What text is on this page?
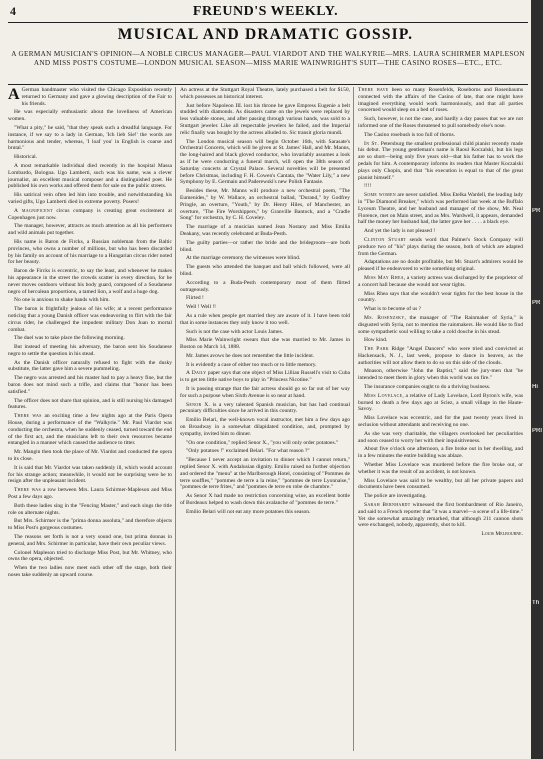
4	FREUND'S WEEKLY.
MUSICAL AND DRAMATIC GOSSIP.
A GERMAN MUSICIAN'S OPINION—A NOBLE CIRCUS MANAGER—PAUL VIARDOT AND THE WALKYRIE—MRS. LAURA SCHIRMER MAPLESON AND MISS POST'S COSTUME—LONDON MUSICAL SEASON—MISS MARIE WAINWRIGHT'S SUIT—THE CASINO ROSES—ETC., ETC.

A German bandmaster who visited the Chicago Exposition recently returned to Germany and gave a glowing description of the Fair to his friends.

He was especially enthusiastic about the loveliness of American women.

"What a pity," he said, "that they speak such a dreadful language. For instance, if we say to a lady in German, 'Ich lieb Sie!' the words are harmonious and tender, whereas, 'I loaf you' in English is coarse and brutal."

Historical.

A most remarkable individual died recently in the hospital Massa Lombardo, Bologna. Ugo Lamberti, such was his name, was a clever journalist, an excellent musical composer and a distinguished poet. He published his own works and offered them for sale on the public streets.

His satirical vein often led him into trouble, and notwithstanding his varied gifts, Ugo Lamberti died in extreme poverty. Posers!

A magnificent circus company is creating great excitement at Copenhagen just now.

The manager, however, attracts as much attention as all his performers and wild animals put together.

His name is Baron de Fircks, a Russian nobleman from the Baltic provinces, who owns a number of millions, but who has been discarded by his family on account of his marriage to a Hungarian circus rider noted for her beauty.

Baron de Fircks is eccentric, to say the least, and whenever he makes his appearance in the street the crowds scatter in every direction, for he never moves outdoors without his body guard, composed of a Soudanese negro of herculean proportions, a tamed lion, a wolf and a huge dog.

No one is anxious to shake hands with him.

The baron is frightfully jealous of his wife; at a recent performance noticing that a young Danish officer was endeavoring to flirt with the fair circus rider, he challenged the impudent military Don Juan to mortal combat.

The duel was to take place the following morning.

But instead of meeting his adversary, the baron sent his Soudanese negro to settle the question in his stead.

As the Danish officer naturally refused to fight with the dusky substitute, the latter gave him a severe pummeling.

The negro was arrested and his master had to pay a heavy fine, but the baron does not mind such a trifle, and claims that "honor has been satisfied."

The officer does not share that opinion, and is still nursing his damaged features.

There was an exciting time a few nights ago at the Paris Opera House, during a performance of the "Walkyrie." Mr. Paul Viardot was conducting the orchestra, when he suddenly ceased, turned toward the end of the first act, and the musicians left to their own resources became entangled in a manner which caused the audience to titter.

Mr. Mangin then took the place of Mr. Viardot and conducted the opera to its close.

It is said that Mr. Viardot was taken suddenly ill, which would account for his strange action; meanwhile, it would not be surprising were he to resign after the unpleasant incident.

There was a row between Mrs. Laura Schirmer-Mapleson and Miss Post a few days ago.

Both these ladies sing in the "Fencing Master," and each sings the title role on alternate nights.

But Mrs. Schirmer is the "prima donna assoluta," and therefore objects to Miss Post's gorgeous costumes.

The reasons set forth is not a very sound one, but prima donnas in general, and Mrs. Schirmer in particular, have their own peculiar views.

Colonel Mapleson tried to discharge Miss Post, but Mr. Whitney, who owns the opera, objected.

When the two ladies now meet each other off the stage, both their noses take suddenly an upward course.

An actress at the Stuttgart Royal Theatre, lately purchased a belt for $150, which possesses an historical interest.

Just before Napoleon III. lost his throne he gave Empress Eugenie a belt studded with diamonds. As disasters came on the jewels were replaced by less valuable stones, and after passing through various hands, was sold to a Stuttgart jeweler. Like all respectable jewelers he failed, and the Imperial relic finally was bought by the actress alluded to. Sic transit gloria mundi.

The London musical season will begin October 16th, with Sarasate's Orchestral Concerts, which will be given at St. James' Hall, and Mr. Manns, the long-haired and black gloved conductor, who invariably assumes a look as if he were conducting a funeral march, will open the 38th season of Saturday concerts at Crystal Palace. Several novelties will be presented before Christmas, including F. H. Cowen's Cantata, the "Water Lily," a new Symphony by E. Germain and Paderewski's new Polish Fantasie.

Besides these, Mr. Manns will produce a new orchestral poem, "The Eumenides," by W. Wallace, an orchestral ballad, "Durand," by Godfrey Pringle, an overture, "Youth," by Dr. Henry Hiles, of Manchester, an overture, "The Fire Worshippers," by Granville Bantock, and a "Cradle Song" for orchestra, by C. H. Coveley.

The marriage of a musician named Jean Nostany and Miss Emilia Deakany, was recently celebrated at Buda-Pesth.

The guilty parties—or rather the bride and the bridegroom—are both blind.

At the marriage ceremony the witnesses were blind.

The guests who attended the banquet and ball which followed, were all blind.

According to a Buda-Pesth contemporary most of them flirted outrageously.

Flirted !

Well ! Well !!

As a rule when people get married they are aware of it. I have been told that in some instances they only know it too well.

Such is not the case with actor Louis James.

Miss Marie Wainwright swears that she was married to Mr. James in Boston on March 14, 1888.

Mr. James avows he does not remember the little incident.

It is evidently a case of either too much or to little memory.

A Daily paper says that one object of Miss Lillian Russell's visit to Cuba is to get ten little native boys to play in "Princess Nicotine."

It is passing strange that the fair actress should go so far out of her way for such a purpose when Sixth Avenue is so near at hand.

Senor X. is a very talented Spanish musician, but has had continual pecuniary difficulties since he arrived in this country.

Emilio Belari, the well-known vocal instructor, met him a few days ago on Broadway in a somewhat dilapidated condition, and, prompted by sympathy, invited him to dinner.

"On one condition," replied Senor X., "you will only order potatoes."

"Only potatoes !" exclaimed Belari. "For what reason ?"

"Because I never accept an invitation to dinner which I cannot return," replied Senor X. with Andalusian dignity. Emilio raised no further objection and ordered the "menu" at the Marlborough Hotel, consisting of "Pommes de terre souffles," "pommes de terre a la reine," "pommes de terre Lyonnaise," "pommes de terre frites," and "pommes de terre en robe de chambre."

As Senor X had made no restriction concerning wine, an excellent bottle of Bordeaux helped to wash down this avalanche of "pommes de terre."

Emilio Belari will not eat any more potatoes this season.

There have been so many Rosenfelds, Roseborns and Rosenbaums connected with the affairs of the Casino of late, that one might have imagined everything would work harmoniously, and that all parties concerned would sleep on a bed of roses.

Such, however, is not the case, and hardly a day passes that we are not informed one of the Roses threatened to pull somebody else's nose.

The Casino rosebush is too full of thorns.

In St. Petersburg the smallest professional child pianist recently made his debut. The young gentleman's name is Raoul Koczalski, but his legs are so short—being only five years old—that his father has to work the pedals for him. A contemporary informs its readers that Master Koczalski plays only Chopin, and that "his execution is equal to that of the great pianist himself."

!!!!

Some women are never satisfied. Miss Etelka Wardell, the leading lady in "The Diamond Breaker," which was performed last week at the Buffalo Lyceum Theatre, and her husband and manager of the show, Mr. Neal Florence, met on Main street, and as Mrs. Wardwell, it appears, demanded half the money her husband had, the latter gave her . . . . a black eye.

And yet the lady is not pleased !

Clinton Stuart sends word that Palmer's Stock Company will produce two of "his" plays during the season, both of which are adapted from the German.

Adaptations are no doubt profitable, but Mr. Stuart's admirers would be pleased if he endeavored to write something original.

Miss May Rhea, a variety actress was discharged by the proprietor of a concert hall because she would not wear tights.

Miss Rhea says that she wouldn't wear tights for the best house in the country.

What is to become of us ?

Ms. Rosenzsky, the manager of "The Rainmaker of Syria," is disgusted with Syria, not to mention the rainmakers. He would like to find some sympathetic soul willing to take a cold douche in his stead.

How kind.

The Park Ridge "Angel Dancers" who were tried and convicted at Hackensack, N. J., last week, propose to dance in heaven, as the authorities will not allow them to do so on this side of the clouds.

Mnason, otherwise "John the Baptist," said the jury-men that "he intended to meet them in glory when this world was on fire."

The insurance companies ought to do a thriving business.

Miss Lovelace, a relative of Lady Lovelace, Lord Byron's wife, was burned to death a few days ago at Sciez, a small village in the Haute-Savoy.

Miss Lovelace was eccentric, and for the past twenty years lived in seclusion without attendants and receiving no one.

As she was very charitable, the villagers overlooked her peculiarities and soon ceased to worry her with their inquisitiveness.

About five o'clock one afternoon, a fire broke out in her dwelling, and in a few minutes the entire building was ablaze.

Whether Miss Lovelace was murdered before the fire broke out, or whether it was the result of an accident, is not known.

Miss Lovelace was said to be wealthy, but all her private papers and documents have been consumed.

The police are investigating.

Sarah Bernhardt witnessed the first bombardment of Rio Janeiro, and said to a French reporter that "it was a marvel—a scene of a life-time." Yet she somewhat amazingly remarked, that although 211 cannon shots were exchanged, nobody, apparently, shot to kill.

Louis Melbourne.

PR
PR
Hi
PRI
Th
